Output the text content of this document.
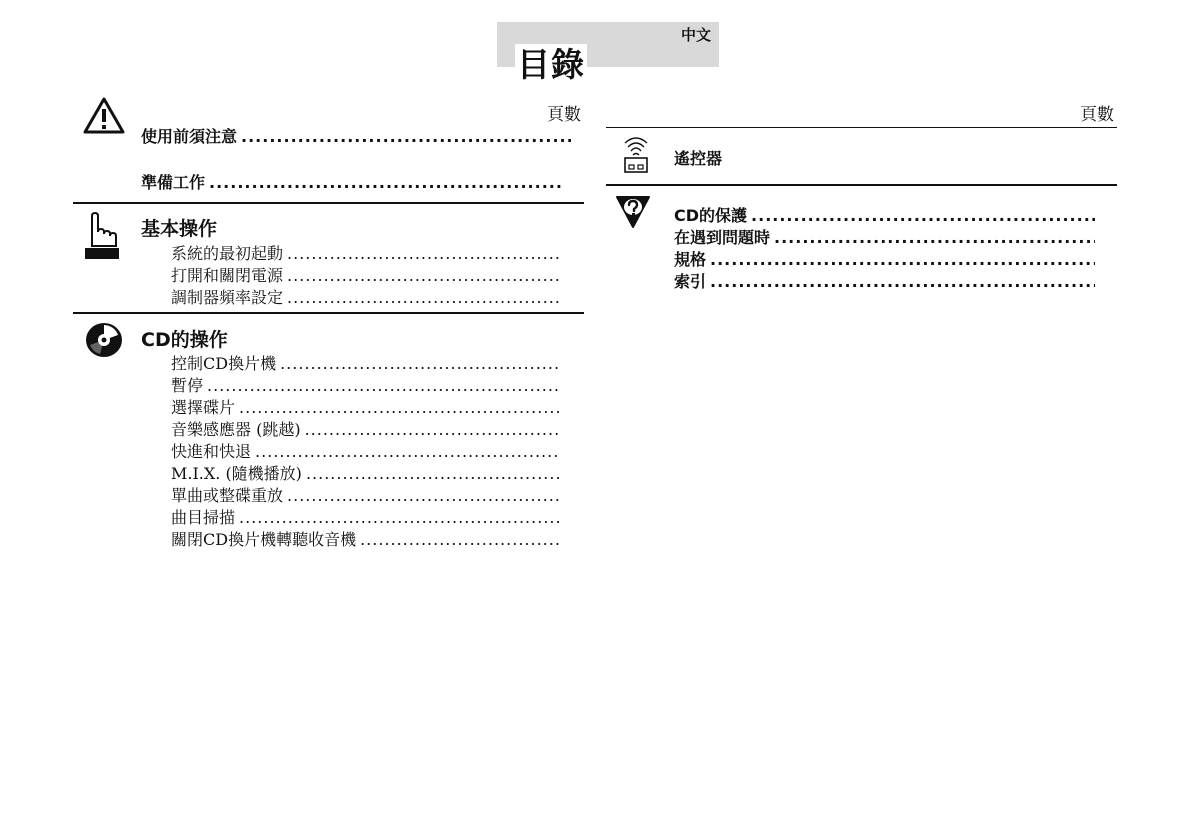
中文
目錄
頁數
使用前須注意
.....
準備工作
.....
基本操作
系統的最初起動
.....
打開和關閉電源
.....
調制器頻率設定
.....
CD的操作
控制CD換片機
.....
暫停
.....
選擇碟片
.....
音樂感應器 (跳越)
.....
快進和快退
.....
M.I.X. (隨機播放)
.....
單曲或整碟重放
.....
曲目掃描
.....
關閉CD換片機轉聽收音機
.....
頁數
遙控器
CD的保護
.....
在遇到問題時
.....
規格
.....
索引
.....
